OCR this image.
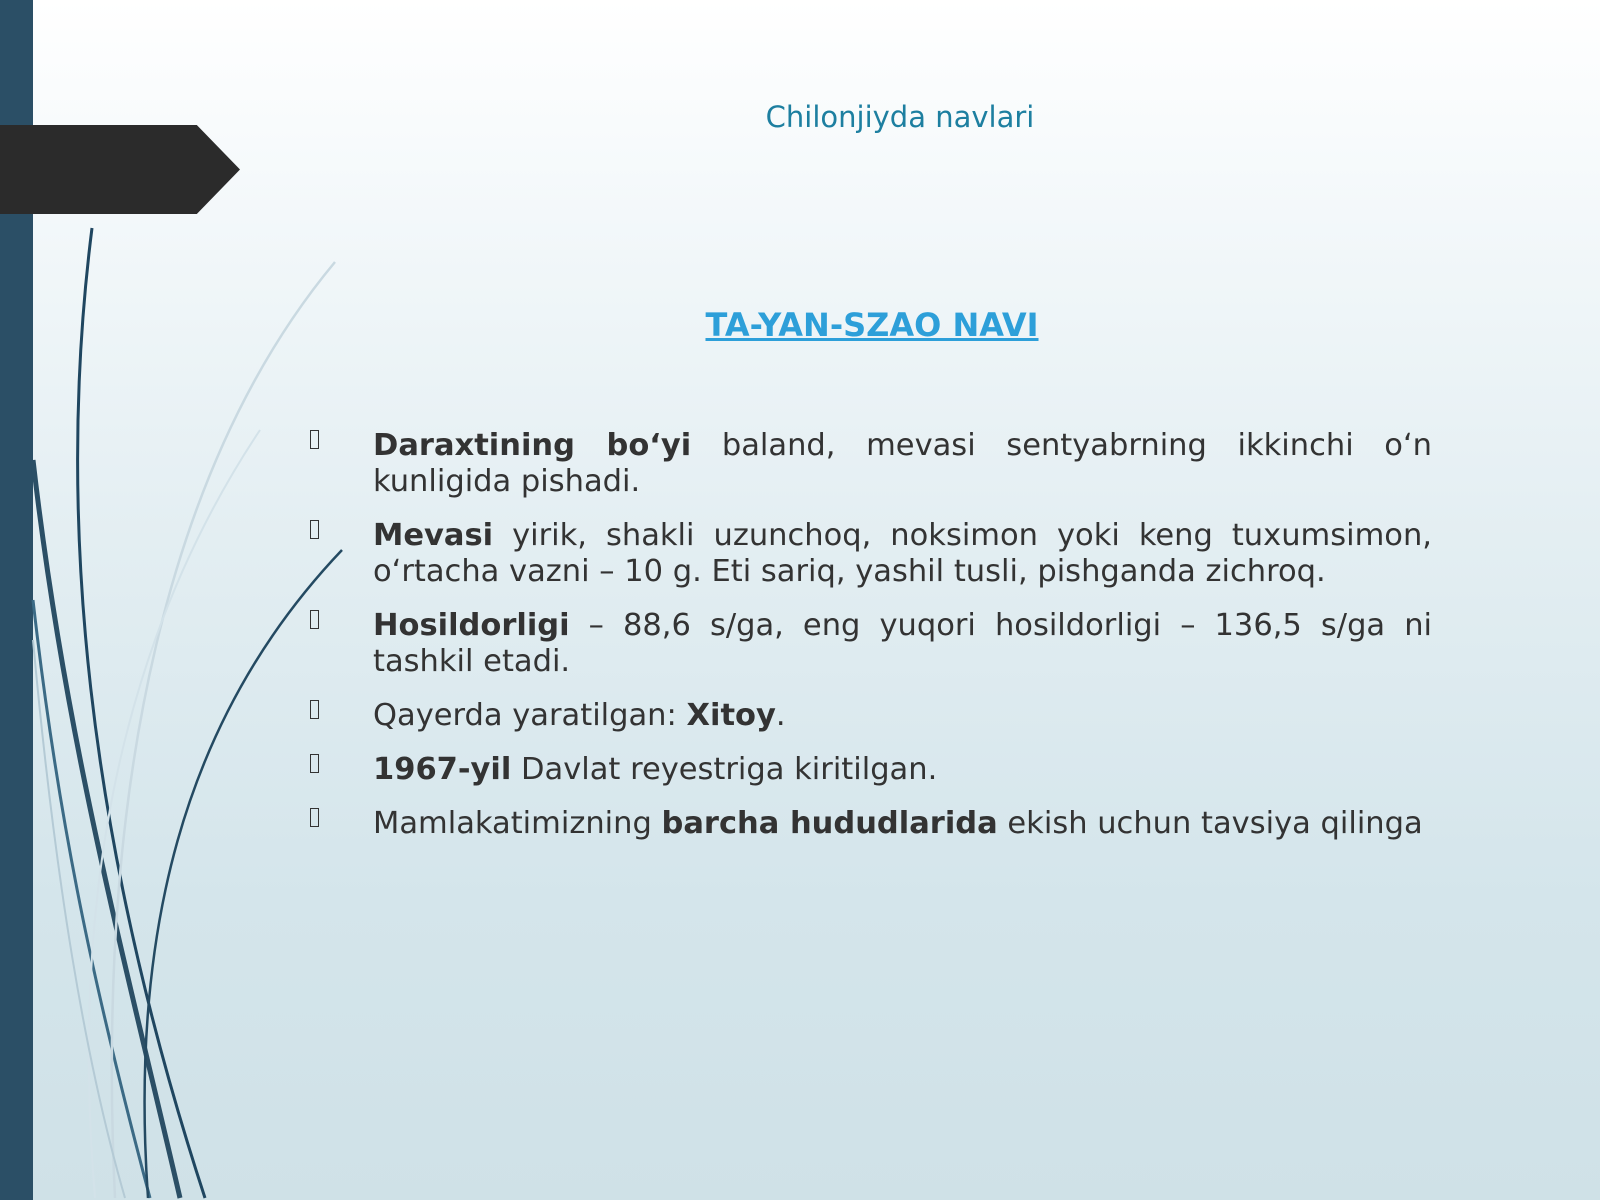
Chilonjiyda navlari
TA-YAN-SZAO NAVI
Daraxtining bo‘yi baland, mevasi sentyabrning ikkinchi o‘n kunligida pishadi.
Mevasi yirik, shakli uzunchoq, noksimon yoki keng tuxumsimon, o‘rtacha vazni – 10 g. Eti sariq, yashil tusli, pishganda zichroq.
Hosildorligi – 88,6 s/ga, eng yuqori hosildorligi – 136,5 s/ga ni tashkil etadi.
Qayerda yaratilgan: Xitoy.
1967-yil Davlat reyestriga kiritilgan.
Mamlakatimizning barcha hududlarida ekish uchun tavsiya qilinga
